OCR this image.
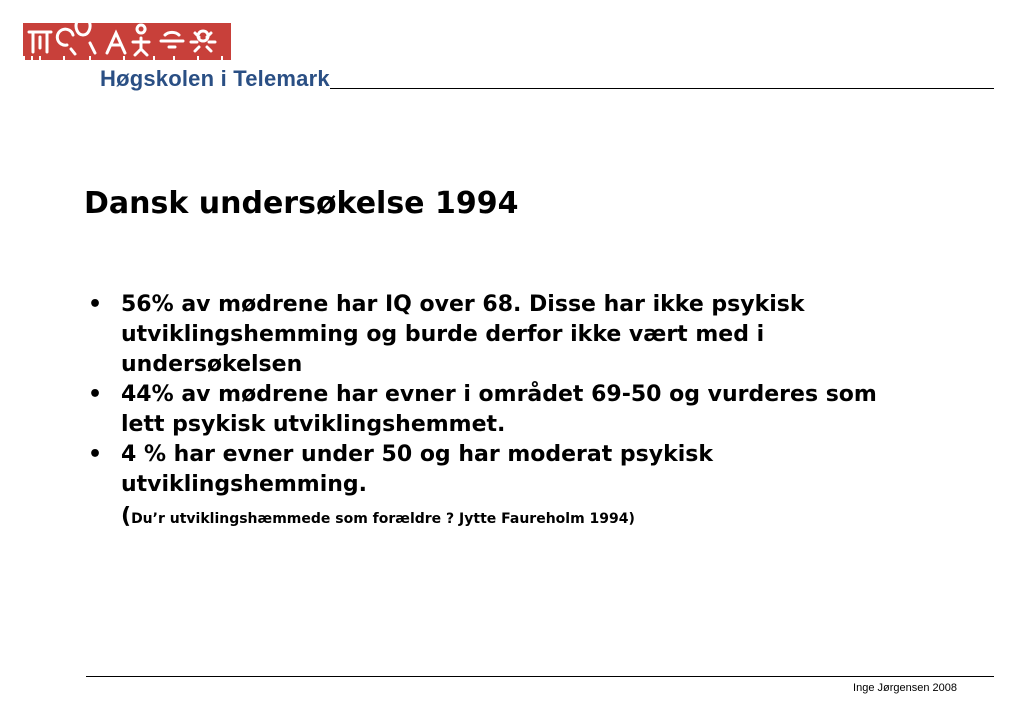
Høgskolen i Telemark
Dansk undersøkelse 1994
• 56% av mødrene har IQ over 68. Disse har ikke psykisk utviklingshemming og burde derfor ikke vært med i undersøkelsen
• 44% av mødrene har evner i området 69-50 og vurderes som lett psykisk utviklingshemmet.
• 4 % har evner under 50 og har moderat psykisk utviklingshemming.
(Du’r utviklingshæmmede som forældre ? Jytte Faureholm 1994)
Inge Jørgensen 2008
